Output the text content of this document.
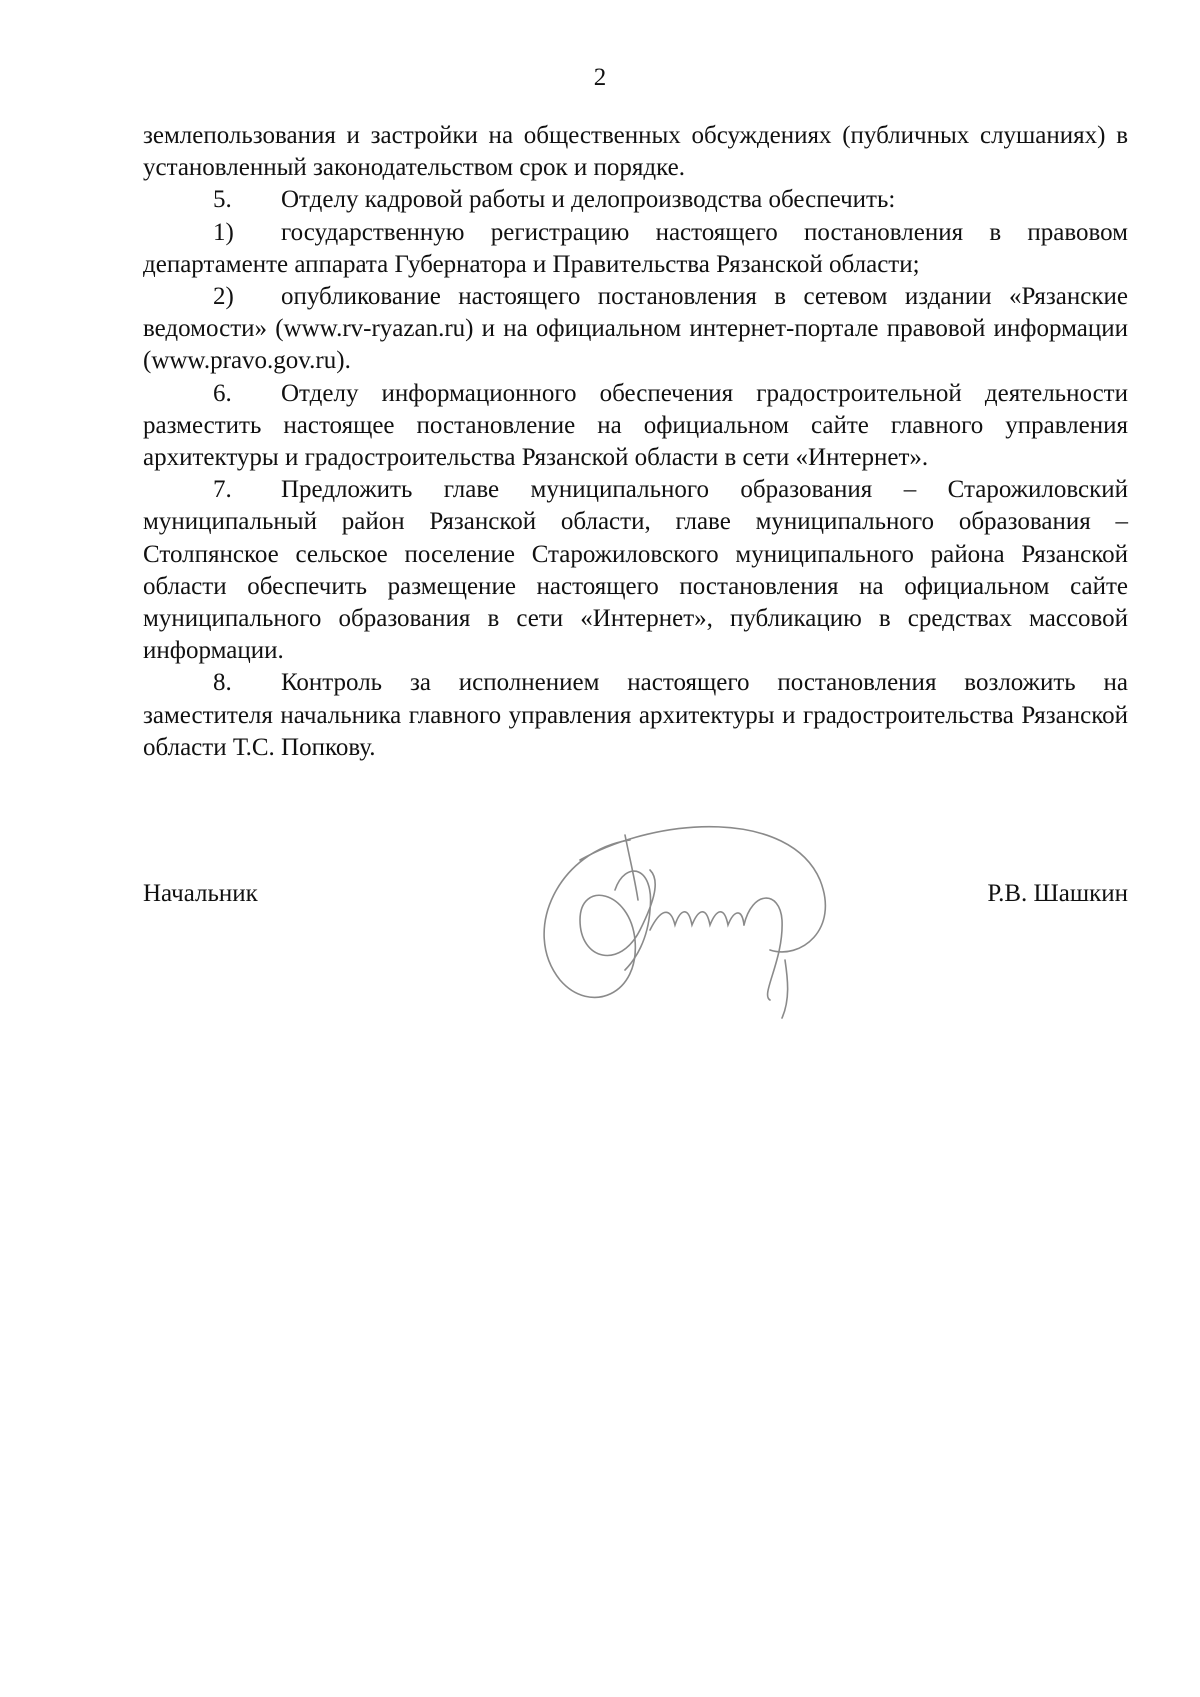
2

землепользования и застройки на общественных обсуждениях (публичных слушаниях) в установленный законодательством срок и порядке.

5. Отделу кадровой работы и делопроизводства обеспечить:

1) государственную регистрацию настоящего постановления в правовом департаменте аппарата Губернатора и Правительства Рязанской области;

2) опубликование настоящего постановления в сетевом издании «Рязанские ведомости» (www.rv-ryazan.ru) и на официальном интернет-портале правовой информации (www.pravo.gov.ru).

6. Отделу информационного обеспечения градостроительной деятельности разместить настоящее постановление на официальном сайте главного управления архитектуры и градостроительства Рязанской области в сети «Интернет».

7. Предложить главе муниципального образования – Старожиловский муниципальный район Рязанской области, главе муниципального образования – Столпянское сельское поселение Старожиловского муниципального района Рязанской области обеспечить размещение настоящего постановления на официальном сайте муниципального образования в сети «Интернет», публикацию в средствах массовой информации.

8. Контроль за исполнением настоящего постановления возложить на заместителя начальника главного управления архитектуры и градостроительства Рязанской области Т.С. Попкову.

Начальник	Р.В. Шашкин
